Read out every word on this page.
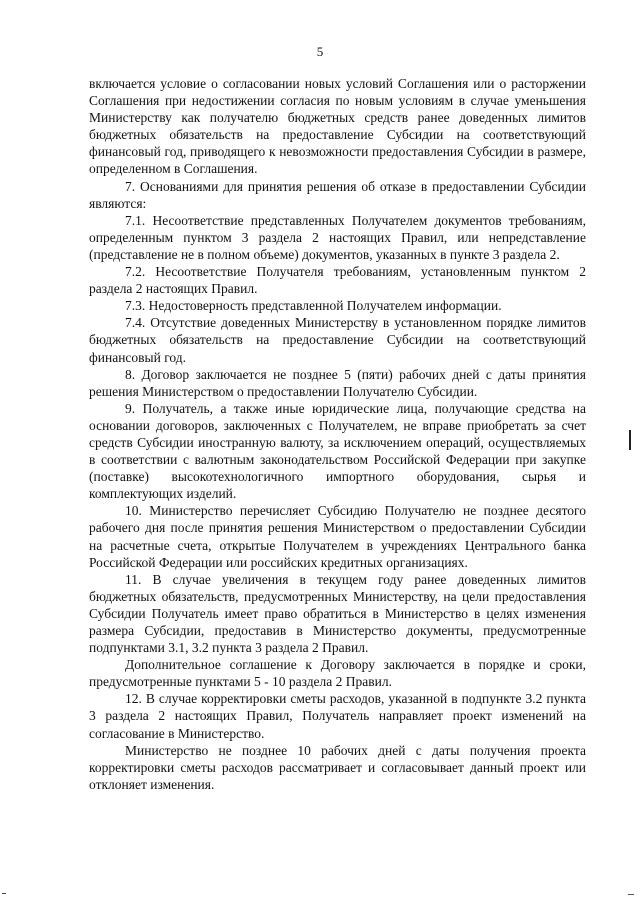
5

включается условие о согласовании новых условий Соглашения или о расторжении Соглашения при недостижении согласия по новым условиям в случае уменьшения Министерству как получателю бюджетных средств ранее доведенных лимитов бюджетных обязательств на предоставление Субсидии на соответствующий финансовый год, приводящего к невозможности предоставления Субсидии в размере, определенном в Соглашения.

7. Основаниями для принятия решения об отказе в предоставлении Субсидии являются:

7.1. Несоответствие представленных Получателем документов требованиям, определенным пунктом 3 раздела 2 настоящих Правил, или непредставление (представление не в полном объеме) документов, указанных в пункте 3 раздела 2.

7.2. Несоответствие Получателя требованиям, установленным пунктом 2 раздела 2 настоящих Правил.

7.3. Недостоверность представленной Получателем информации.

7.4. Отсутствие доведенных Министерству в установленном порядке лимитов бюджетных обязательств на предоставление Субсидии на соответствующий финансовый год.

8. Договор заключается не позднее 5 (пяти) рабочих дней с даты принятия решения Министерством о предоставлении Получателю Субсидии.

9. Получатель, а также иные юридические лица, получающие средства на основании договоров, заключенных с Получателем, не вправе приобретать за счет средств Субсидии иностранную валюту, за исключением операций, осуществляемых в соответствии с валютным законодательством Российской Федерации при закупке (поставке) высокотехнологичного импортного оборудования, сырья и комплектующих изделий.

10. Министерство перечисляет Субсидию Получателю не позднее десятого рабочего дня после принятия решения Министерством о предоставлении Субсидии на расчетные счета, открытые Получателем в учреждениях Центрального банка Российской Федерации или российских кредитных организациях.

11. В случае увеличения в текущем году ранее доведенных лимитов бюджетных обязательств, предусмотренных Министерству, на цели предоставления Субсидии Получатель имеет право обратиться в Министерство в целях изменения размера Субсидии, предоставив в Министерство документы, предусмотренные подпунктами 3.1, 3.2 пункта 3 раздела 2 Правил.

Дополнительное соглашение к Договору заключается в порядке и сроки, предусмотренные пунктами 5 - 10 раздела 2 Правил.

12. В случае корректировки сметы расходов, указанной в подпункте 3.2 пункта 3 раздела 2 настоящих Правил, Получатель направляет проект изменений на согласование в Министерство.

Министерство не позднее 10 рабочих дней с даты получения проекта корректировки сметы расходов рассматривает и согласовывает данный проект или отклоняет изменения.
